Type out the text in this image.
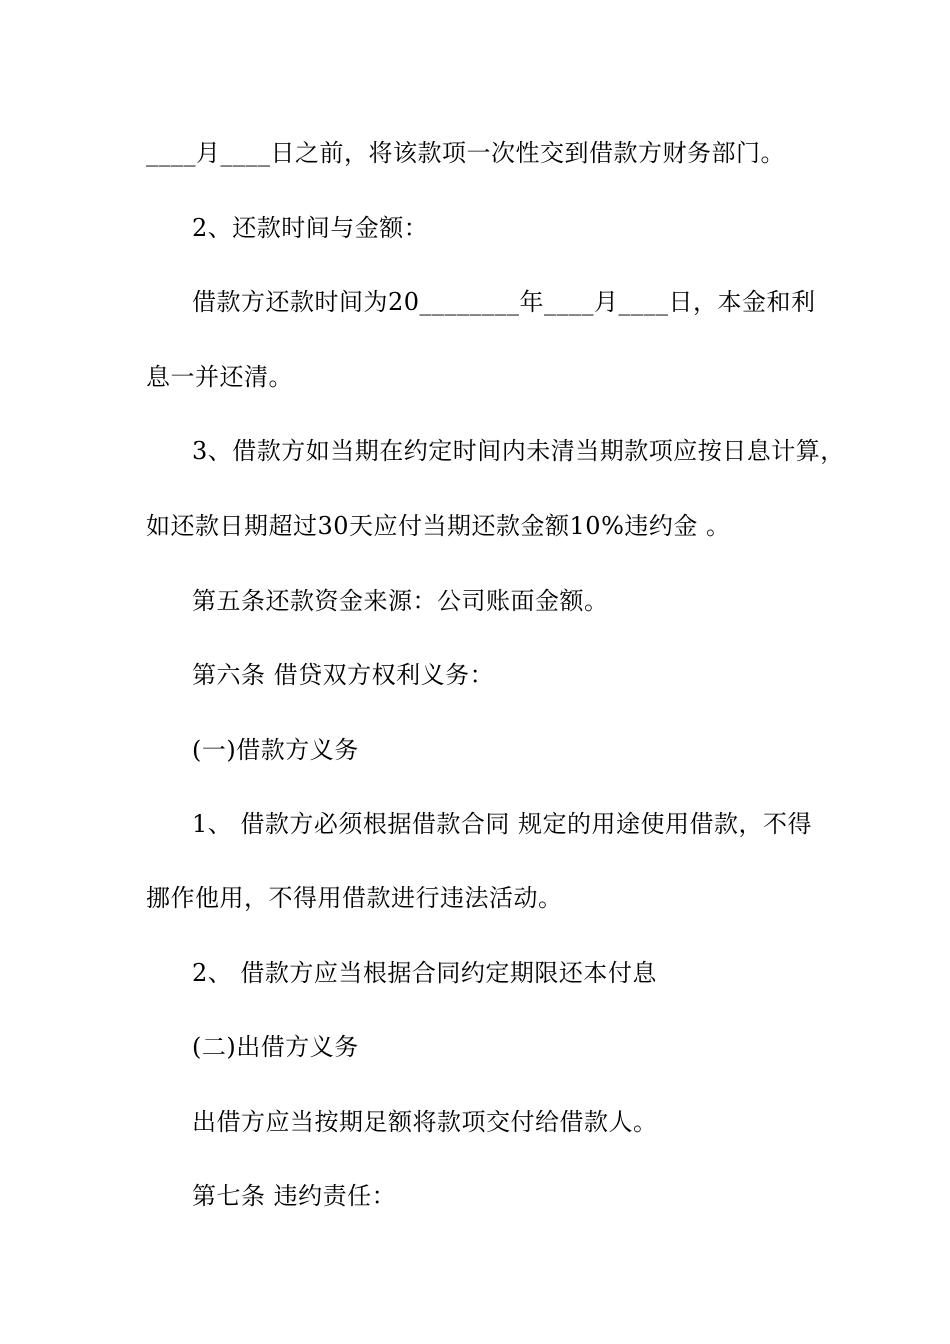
____月____日之前，将该款项一次性交到借款方财务部门。
2、还款时间与金额：
借款方还款时间为20________年____月____日，本金和利
息一并还清。
3、借款方如当期在约定时间内未清当期款项应按日息计算，
如还款日期超过30天应付当期还款金额10%违约金 。
第五条还款资金来源：公司账面金额。
第六条 借贷双方权利义务：
(一)借款方义务
1、 借款方必须根据借款合同 规定的用途使用借款，不得
挪作他用，不得用借款进行违法活动。
2、 借款方应当根据合同约定期限还本付息
(二)出借方义务
出借方应当按期足额将款项交付给借款人。
第七条 违约责任：
